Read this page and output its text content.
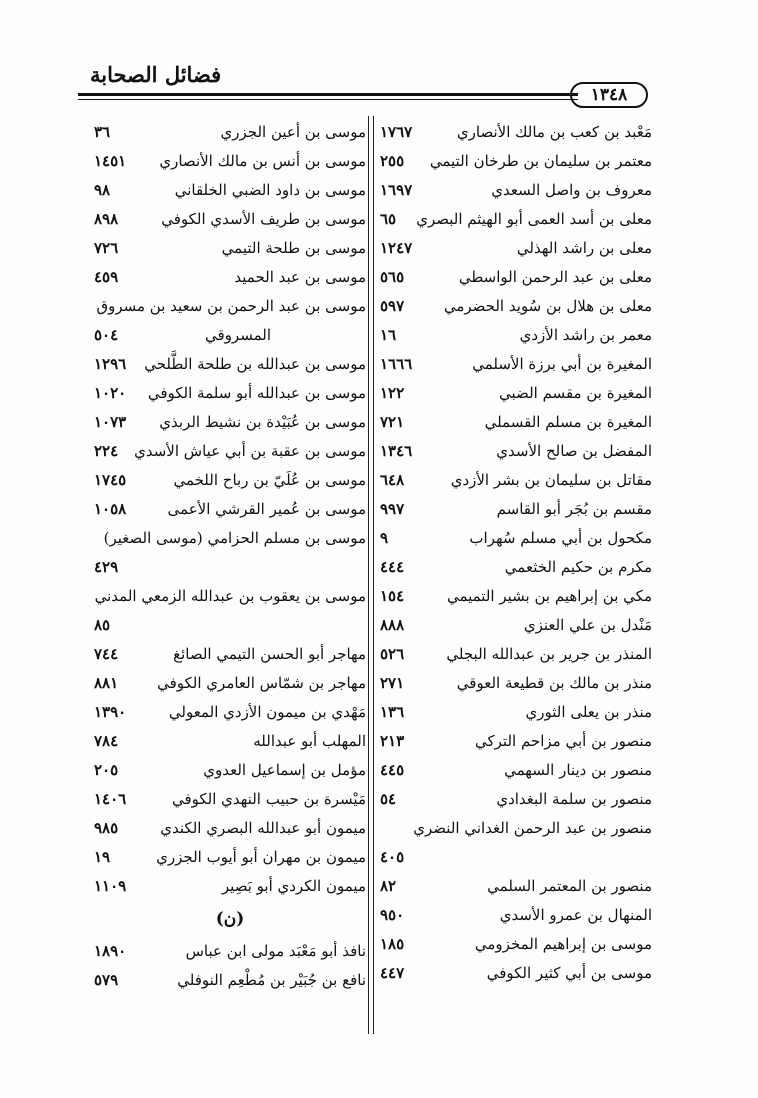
فضائل الصحابة
١٣٤٨
مَعْبد بن كعب بن مالك الأنصاري
١٧٦٧
معتمر بن سليمان بن طرخان التيمي
٢٥٥
معروف بن واصل السعدي
١٦٩٧
معلى بن أسد العمى أبو الهيثم البصري
٦٥
معلى بن راشد الهذلي
١٢٤٧
معلى بن عبد الرحمن الواسطي
٥٦٥
معلى بن هلال بن سُويد الحضرمي
٥٩٧
معمر بن راشد الأزدي
١٦
المغيرة بن أبي برزة الأسلمي
١٦٦٦
المغيرة بن مقسم الضبي
١٢٢
المغيرة بن مسلم القسملي
٧٢١
المفضل بن صالح الأسدي
١٣٤٦
مقاتل بن سليمان بن بشر الأزدي
٦٤٨
مقسم بن بُجَر أبو القاسم
٩٩٧
مكحول بن أبي مسلم سُهراب
٩
مكرم بن حكيم الخثعمي
٤٤٤
مكي بن إبراهيم بن بشير التميمي
١٥٤
مَنْدل بن علي العنزي
٨٨٨
المنذر بن جرير بن عبدالله البجلي
٥٢٦
منذر بن مالك بن قطيعة العوقي
٢٧١
منذر بن يعلى الثوري
١٣٦
منصور بن أبي مزاحم التركي
٢١٣
منصور بن دينار السهمي
٤٤٥
منصور بن سلمة البغدادي
٥٤
منصور بن عبد الرحمن الغداني النضري
٤٠٥
منصور بن المعتمر السلمي
٨٢
المنهال بن عمرو الأسدي
٩٥٠
موسى بن إبراهيم المخزومي
١٨٥
موسى بن أبي كثير الكوفي
٤٤٧
موسى بن أعين الجزري
٣٦
موسى بن أنس بن مالك الأنصاري
١٤٥١
موسى بن داود الضبي الخلقاني
٩٨
موسى بن طريف الأسدي الكوفي
٨٩٨
موسى بن طلحة التيمي
٧٢٦
موسى بن عبد الحميد
٤٥٩
موسى بن عبد الرحمن بن سعيد بن مسروق
المسروقي
٥٠٤
موسى بن عبدالله بن طلحة الطَّلحي
١٢٩٦
موسى بن عبدالله أبو سلمة الكوفي
١٠٢٠
موسى بن عُبَيْدة بن نشيط الربذي
١٠٧٣
موسى بن عقبة بن أبي عياش الأسدي
٢٢٤
موسى بن عُلَيّ بن رباح اللخمي
١٧٤٥
موسى بن عُمير القرشي الأعمى
١٠٥٨
موسى بن مسلم الحزامي (موسى الصغير)
٤٢٩
موسى بن يعقوب بن عبدالله الزمعي المدني
٨٥
مهاجر أبو الحسن التيمي الصائغ
٧٤٤
مهاجر بن شمّاس العامري الكوفي
٨٨١
مَهْدي بن ميمون الأزدي المعولي
١٣٩٠
المهلب أبو عبدالله
٧٨٤
مؤمل بن إسماعيل العدوي
٢٠٥
مَيْسرة بن حبيب النهدي الكوفي
١٤٠٦
ميمون أبو عبدالله البصري الكندي
٩٨٥
ميمون بن مهران أبو أيوب الجزري
١٩
ميمون الكردي أبو بَصِير
١١٠٩
(ن)
نافذ أبو مَعْبَد مولى ابن عباس
١٨٩٠
نافع بن جُبَيْر بن مُطْعِم النوفلي
٥٧٩
